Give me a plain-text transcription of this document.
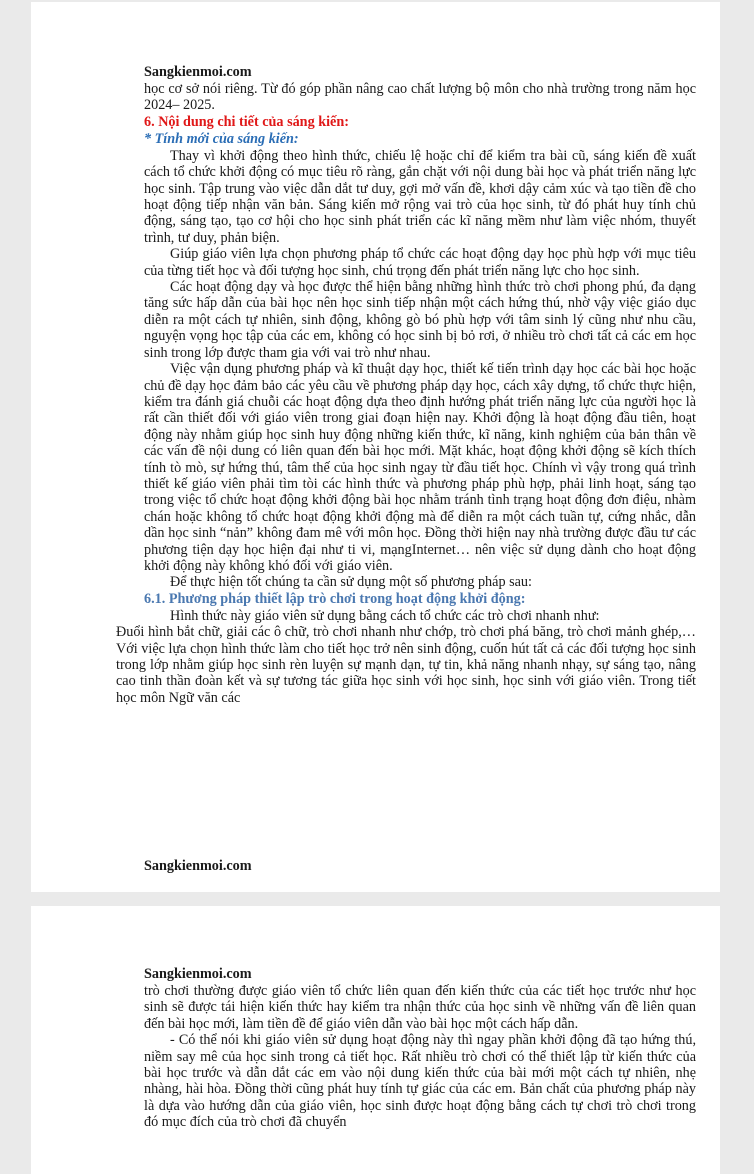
Sangkienmoi.com

học cơ sở nói riêng. Từ đó góp phần nâng cao chất lượng bộ môn cho nhà trường trong năm học 2024– 2025.

6. Nội dung chi tiết của sáng kiến:

* Tính mới của sáng kiến:

Thay vì khởi động theo hình thức, chiếu lệ hoặc chỉ để kiểm tra bài cũ, sáng kiến đề xuất cách tổ chức khởi động có mục tiêu rõ ràng, gắn chặt với nội dung bài học và phát triển năng lực học sinh. Tập trung vào việc dẫn dắt tư duy, gợi mở vấn đề, khơi dậy cảm xúc và tạo tiền đề cho hoạt động tiếp nhận văn bản. Sáng kiến mở rộng vai trò của học sinh, từ đó phát huy tính chủ động, sáng tạo, tạo cơ hội cho học sinh phát triển các kĩ năng mềm như làm việc nhóm, thuyết trình, tư duy, phản biện.

Giúp giáo viên lựa chọn phương pháp tổ chức các hoạt động dạy học phù hợp với mục tiêu của từng tiết học và đối tượng học sinh, chú trọng đến phát triển năng lực cho học sinh.

Các hoạt động dạy và học được thể hiện bằng những hình thức trò chơi phong phú, đa dạng tăng sức hấp dẫn của bài học nên học sinh tiếp nhận một cách hứng thú, nhờ vậy việc giáo dục diễn ra một cách tự nhiên, sinh động, không gò bó phù hợp với tâm sinh lý cũng như nhu cầu, nguyện vọng học tập của các em, không có học sinh bị bỏ rơi, ở nhiều trò chơi tất cả các em học sinh trong lớp được tham gia với vai trò như nhau.

Việc vận dụng phương pháp và kĩ thuật dạy học, thiết kế tiến trình dạy học các bài học hoặc chủ đề dạy học đảm bảo các yêu cầu về phương pháp dạy học, cách xây dựng, tổ chức thực hiện, kiểm tra đánh giá chuỗi các hoạt động dựa theo định hướng phát triển năng lực của người học là rất cần thiết đối với giáo viên trong giai đoạn hiện nay. Khởi động là hoạt động đầu tiên, hoạt động này nhằm giúp học sinh huy động những kiến thức, kĩ năng, kinh nghiệm của bản thân về các vấn đề nội dung có liên quan đến bài học mới. Mặt khác, hoạt động khởi động sẽ kích thích tính tò mò, sự hứng thú, tâm thế của học sinh ngay từ đầu tiết học. Chính vì vậy trong quá trình thiết kế giáo viên phải tìm tòi các hình thức và phương pháp phù hợp, phải linh hoạt, sáng tạo trong việc tổ chức hoạt động khởi động bài học nhằm tránh tình trạng hoạt động đơn điệu, nhàm chán hoặc không tổ chức hoạt động khởi động mà để diễn ra một cách tuần tự, cứng nhắc, dẫn dần học sinh “nản” không đam mê với môn học. Đồng thời hiện nay nhà trường được đầu tư các phương tiện dạy học hiện đại như ti vi, mạngInternet… nên việc sử dụng dành cho hoạt động khởi động này không khó đối với giáo viên.

Để thực hiện tốt chúng ta cần sử dụng một số phương pháp sau:

6.1. Phương pháp thiết lập trò chơi trong hoạt động khởi động:

Hình thức này giáo viên sử dụng bằng cách tổ chức các trò chơi nhanh như:

Đuổi hình bắt chữ, giải các ô chữ, trò chơi nhanh như chớp, trò chơi phá băng, trò chơi mảnh ghép,… Với việc lựa chọn hình thức làm cho tiết học trở nên sinh động, cuốn hút tất cả các đối tượng học sinh trong lớp nhằm giúp học sinh rèn luyện sự mạnh dạn, tự tin, khả năng nhanh nhạy, sự sáng tạo, nâng cao tinh thần đoàn kết và sự tương tác giữa học sinh với học sinh, học sinh với giáo viên. Trong tiết học môn Ngữ văn các

Sangkienmoi.com

Sangkienmoi.com

trò chơi thường được giáo viên tổ chức liên quan đến kiến thức của các tiết học trước như học sinh sẽ được tái hiện kiến thức hay kiểm tra nhận thức của học sinh về những vấn đề liên quan đến bài học mới, làm tiền đề để giáo viên dẫn vào bài học một cách hấp dẫn.

- Có thể nói khi giáo viên sử dụng hoạt động này thì ngay phần khởi động đã tạo hứng thú, niềm say mê của học sinh trong cả tiết học. Rất nhiều trò chơi có thể thiết lập từ kiến thức của bài học trước và dẫn dắt các em vào nội dung kiến thức của bài mới một cách tự nhiên, nhẹ nhàng, hài hòa. Đồng thời cũng phát huy tính tự giác của các em. Bản chất của phương pháp này là dựa vào hướng dẫn của giáo viên, học sinh được hoạt động bằng cách tự chơi trò chơi trong đó mục đích của trò chơi đã chuyển
